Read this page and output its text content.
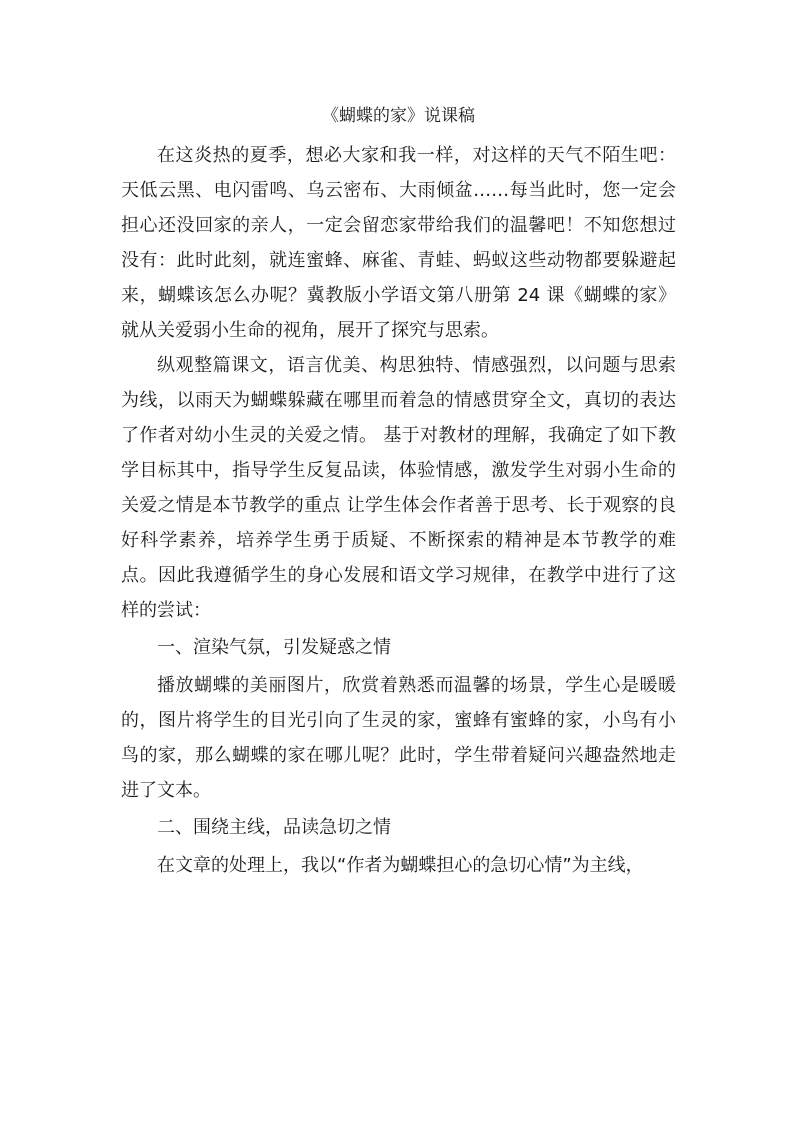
《蝴蝶的家》说课稿

在这炎热的夏季，想必大家和我一样，对这样的天气不陌生吧：天低云黑、电闪雷鸣、乌云密布、大雨倾盆……每当此时，您一定会担心还没回家的亲人，一定会留恋家带给我们的温馨吧！不知您想过没有：此时此刻，就连蜜蜂、麻雀、青蛙、蚂蚁这些动物都要躲避起来，蝴蝶该怎么办呢？冀教版小学语文第八册第 24 课《蝴蝶的家》就从关爱弱小生命的视角，展开了探究与思索。

纵观整篇课文，语言优美、构思独特、情感强烈，以问题与思索为线，以雨天为蝴蝶躲藏在哪里而着急的情感贯穿全文，真切的表达了作者对幼小生灵的关爱之情。 基于对教材的理解，我确定了如下教学目标其中，指导学生反复品读，体验情感，激发学生对弱小生命的关爱之情是本节教学的重点 让学生体会作者善于思考、长于观察的良好科学素养，培养学生勇于质疑、不断探索的精神是本节教学的难点。因此我遵循学生的身心发展和语文学习规律，在教学中进行了这样的尝试：

一、渲染气氛，引发疑惑之情

播放蝴蝶的美丽图片，欣赏着熟悉而温馨的场景，学生心是暖暖的，图片将学生的目光引向了生灵的家，蜜蜂有蜜蜂的家，小鸟有小鸟的家，那么蝴蝶的家在哪儿呢？此时，学生带着疑问兴趣盎然地走进了文本。

二、围绕主线，品读急切之情

在文章的处理上，我以“作者为蝴蝶担心的急切心情”为主线，
